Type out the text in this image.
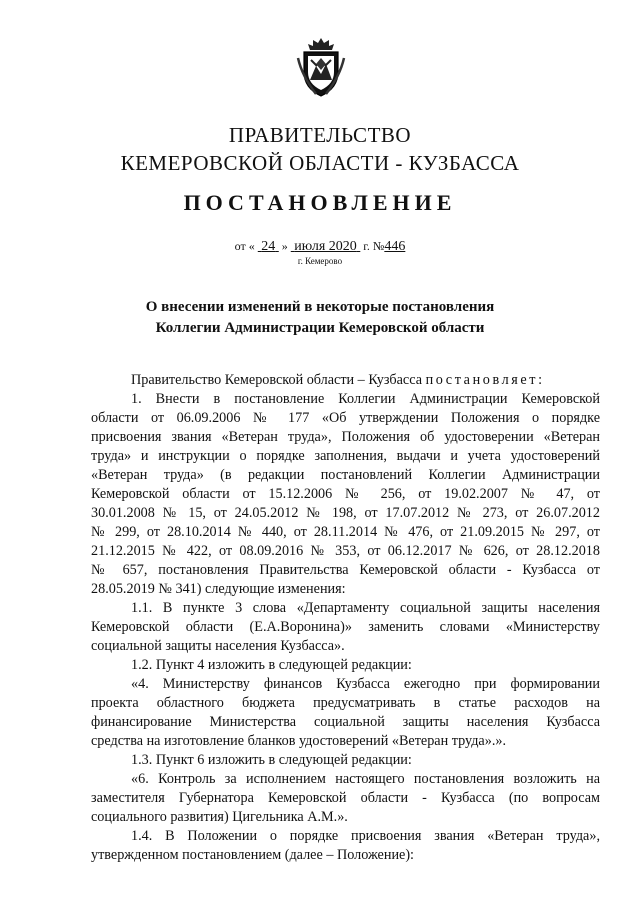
ПРАВИТЕЛЬСТВО
КЕМЕРОВСКОЙ ОБЛАСТИ - КУЗБАССА
ПОСТАНОВЛЕНИЕ
от « 24 » июля 2020 г. №446
г. Кемерово
О внесении изменений в некоторые постановления
Коллегии Администрации Кемеровской области
Правительство Кемеровской области – Кузбасса постановляет:
1. Внести в постановление Коллегии Администрации Кемеровской
области от 06.09.2006 № 177 «Об утверждении Положения о порядке
присвоения звания «Ветеран труда», Положения об удостоверении «Ветеран
труда» и инструкции о порядке заполнения, выдачи и учета удостоверений
«Ветеран труда» (в редакции постановлений Коллегии Администрации
Кемеровской области от 15.12.2006 № 256, от 19.02.2007 № 47, от
30.01.2008 № 15, от 24.05.2012 № 198, от 17.07.2012 № 273, от 26.07.2012
№ 299, от 28.10.2014 № 440, от 28.11.2014 № 476, от 21.09.2015 № 297, от
21.12.2015 № 422, от 08.09.2016 № 353, от 06.12.2017 № 626, от 28.12.2018
№ 657, постановления Правительства Кемеровской области - Кузбасса от
28.05.2019 № 341) следующие изменения:
1.1. В пункте 3 слова «Департаменту социальной защиты населения
Кемеровской области (Е.А.Воронина)» заменить словами «Министерству
социальной защиты населения Кузбасса».
1.2. Пункт 4 изложить в следующей редакции:
«4. Министерству финансов Кузбасса ежегодно при формировании
проекта областного бюджета предусматривать в статье расходов на
финансирование Министерства социальной защиты населения Кузбасса
средства на изготовление бланков удостоверений «Ветеран труда».».
1.3. Пункт 6 изложить в следующей редакции:
«6. Контроль за исполнением настоящего постановления возложить на
заместителя Губернатора Кемеровской области - Кузбасса (по вопросам
социального развития) Цигельника А.М.».
1.4. В Положении о порядке присвоения звания «Ветеран труда»,
утвержденном постановлением (далее – Положение):
